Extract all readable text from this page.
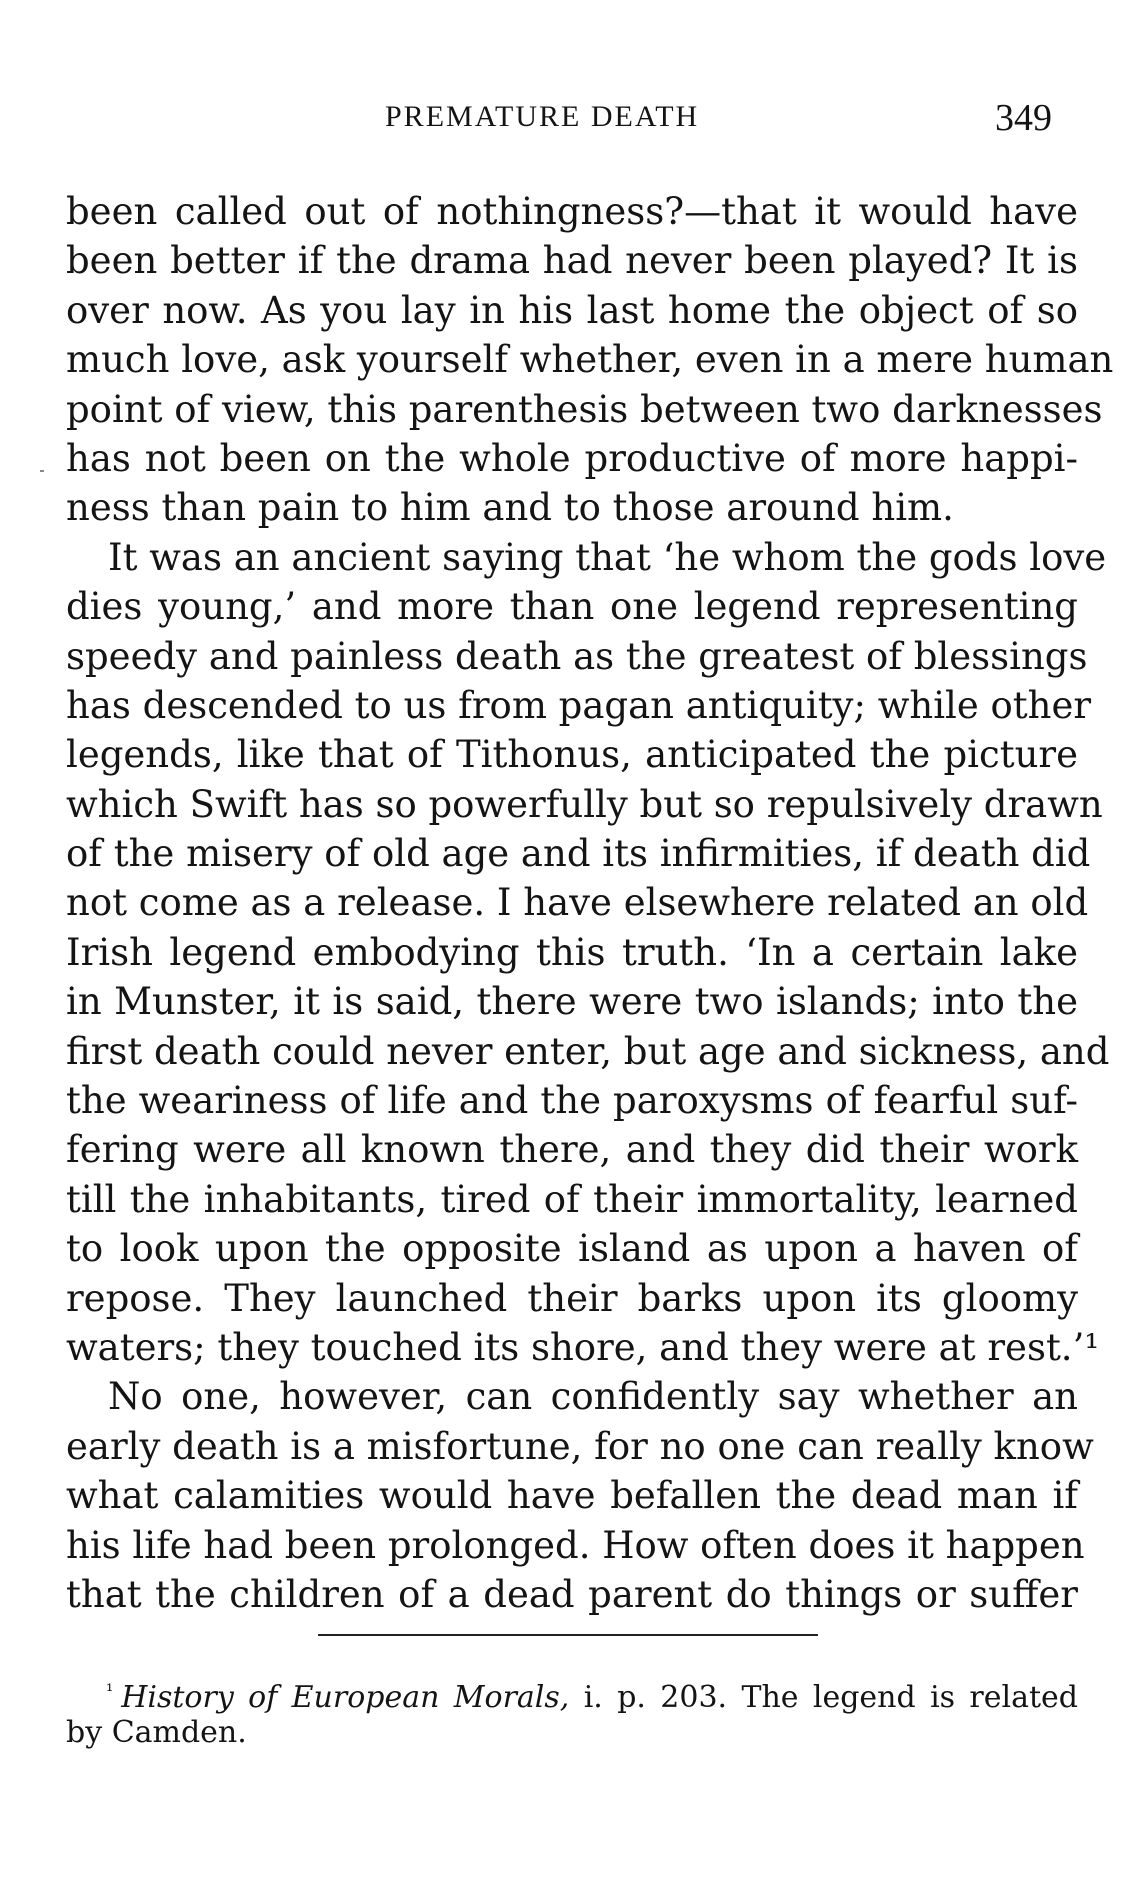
PREMATURE DEATH	349
been called out of nothingness?—that it would have
been better if the drama had never been played? It is
over now. As you lay in his last home the object of so
much love, ask yourself whether, even in a mere human
point of view, this parenthesis between two darknesses
has not been on the whole productive of more happi-
ness than pain to him and to those around him.
It was an ancient saying that ‘he whom the gods love
dies young,’ and more than one legend representing
speedy and painless death as the greatest of blessings
has descended to us from pagan antiquity; while other
legends, like that of Tithonus, anticipated the picture
which Swift has so powerfully but so repulsively drawn
of the misery of old age and its infirmities, if death did
not come as a release. I have elsewhere related an old
Irish legend embodying this truth. ‘In a certain lake
in Munster, it is said, there were two islands; into the
first death could never enter, but age and sickness, and
the weariness of life and the paroxysms of fearful suf-
fering were all known there, and they did their work
till the inhabitants, tired of their immortality, learned
to look upon the opposite island as upon a haven of
repose. They launched their barks upon its gloomy
waters; they touched its shore, and they were at rest.’¹
No one, however, can confidently say whether an
early death is a misfortune, for no one can really know
what calamities would have befallen the dead man if
his life had been prolonged. How often does it happen
that the children of a dead parent do things or suffer
$^{^1}$ History of European Morals, i. p. 203. The legend is related
by Camden.
